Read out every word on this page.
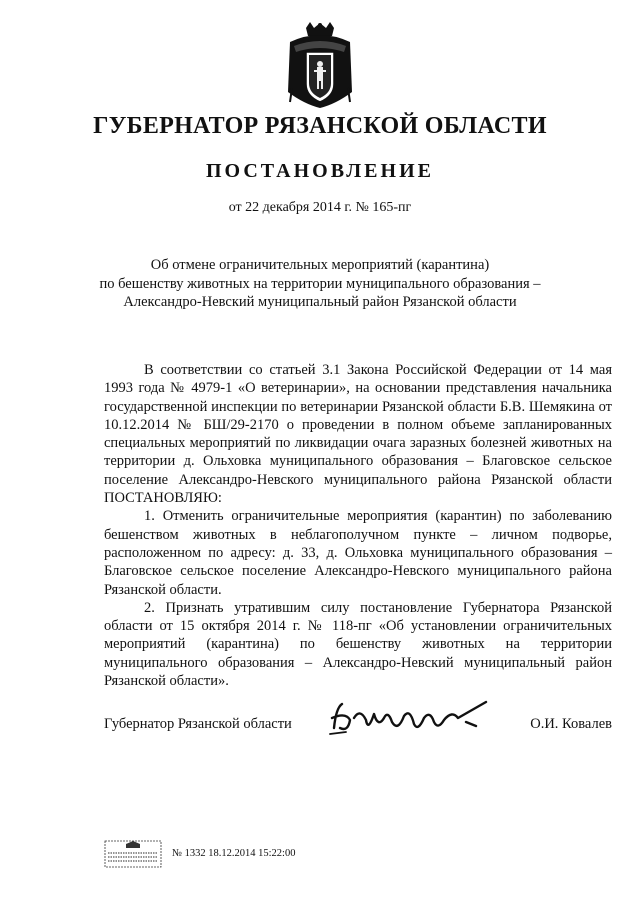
ГУБЕРНАТОР РЯЗАНСКОЙ ОБЛАСТИ
ПОСТАНОВЛЕНИЕ
от 22 декабря 2014 г. № 165-пг
Об отмене ограничительных мероприятий (карантина)
по бешенству животных на территории муниципального образования –
Александро-Невский муниципальный район Рязанской области

В соответствии со статьей 3.1 Закона Российской Федерации от 14 мая 1993 года № 4979-1 «О ветеринарии», на основании представления начальника государственной инспекции по ветеринарии Рязанской области Б.В. Шемякина от 10.12.2014 № БШ/29-2170 о проведении в полном объеме запланированных специальных мероприятий по ликвидации очага заразных болезней животных на территории д. Ольховка муниципального образования – Благовское сельское поселение Александро-Невского муниципального района Рязанской области ПОСТАНОВЛЯЮ:

1. Отменить ограничительные мероприятия (карантин) по заболеванию бешенством животных в неблагополучном пункте – личном подворье, расположенном по адресу: д. 33, д. Ольховка муниципального образования – Благовское сельское поселение Александро-Невского муниципального района Рязанской области.

2. Признать утратившим силу постановление Губернатора Рязанской области от 15 октября 2014 г. № 118-пг «Об установлении ограничительных мероприятий (карантина) по бешенству животных на территории муниципального образования – Александро-Невский муниципальный район Рязанской области».

Губернатор Рязанской области	О.И. Ковалев
№ 1332 18.12.2014 15:22:00
